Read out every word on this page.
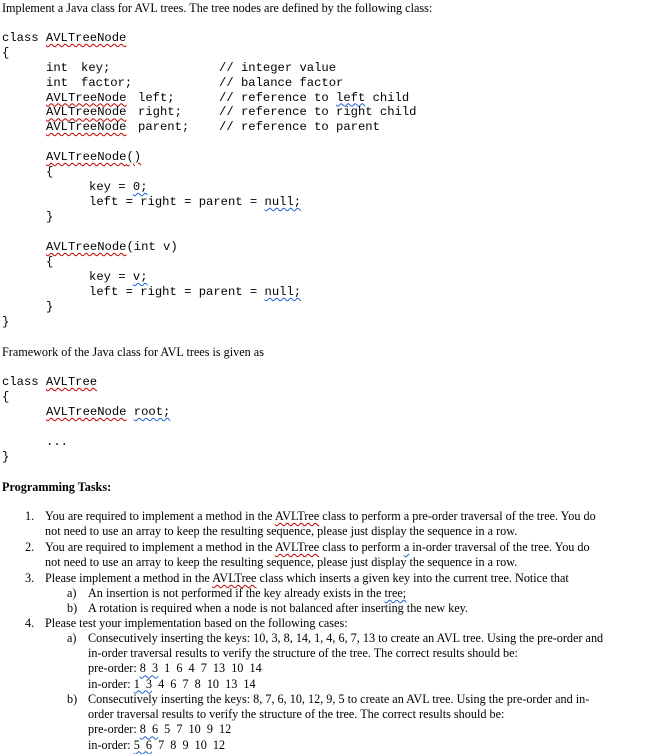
Implement a Java class for AVL trees. The tree nodes are defined by the following class:
class AVLTreeNode
{
int
int
AVLTreeNode
AVLTreeNode
AVLTreeNode

key;

factor;

left;

right;

parent;

// integer value
// balance factor
// reference to left child
// reference to right child
// reference to parent
AVLTreeNode()
{
key = 0;
left = right = parent = null;
}
AVLTreeNode(int v)
{
key = v;
left = right = parent = null;
}
}
Framework of the Java class for AVL trees is given as
class AVLTree
{
AVLTreeNode root;
...
}
Programming Tasks:
1. You are required to implement a method in the AVLTree class to perform a pre-order traversal of the tree. You do
not need to use an array to keep the resulting sequence, please just display the sequence in a row.
2. You are required to implement a method in the AVLTree class to perform a in-order traversal of the tree. You do
not need to use an array to keep the resulting sequence, please just display the sequence in a row.
3. Please implement a method in the AVLTree class which inserts a given key into the current tree. Notice that
a) An insertion is not performed if the key already exists in the tree;
b) A rotation is required when a node is not balanced after inserting the new key.
4. Please test your implementation based on the following cases:
a) Consecutively inserting the keys: 10, 3, 8, 14, 1, 4, 6, 7, 13 to create an AVL tree. Using the pre-order and
in-order traversal results to verify the structure of the tree. The correct results should be:
pre-order: 8  3  1  6  4  7  13  10  14
in-order: 1  3  4  6  7  8  10  13  14
b) Consecutively inserting the keys: 8, 7, 6, 10, 12, 9, 5 to create an AVL tree. Using the pre-order and in-
order traversal results to verify the structure of the tree. The correct results should be:
pre-order: 8  6  5  7  10  9  12
in-order: 5  6  7  8  9  10  12
